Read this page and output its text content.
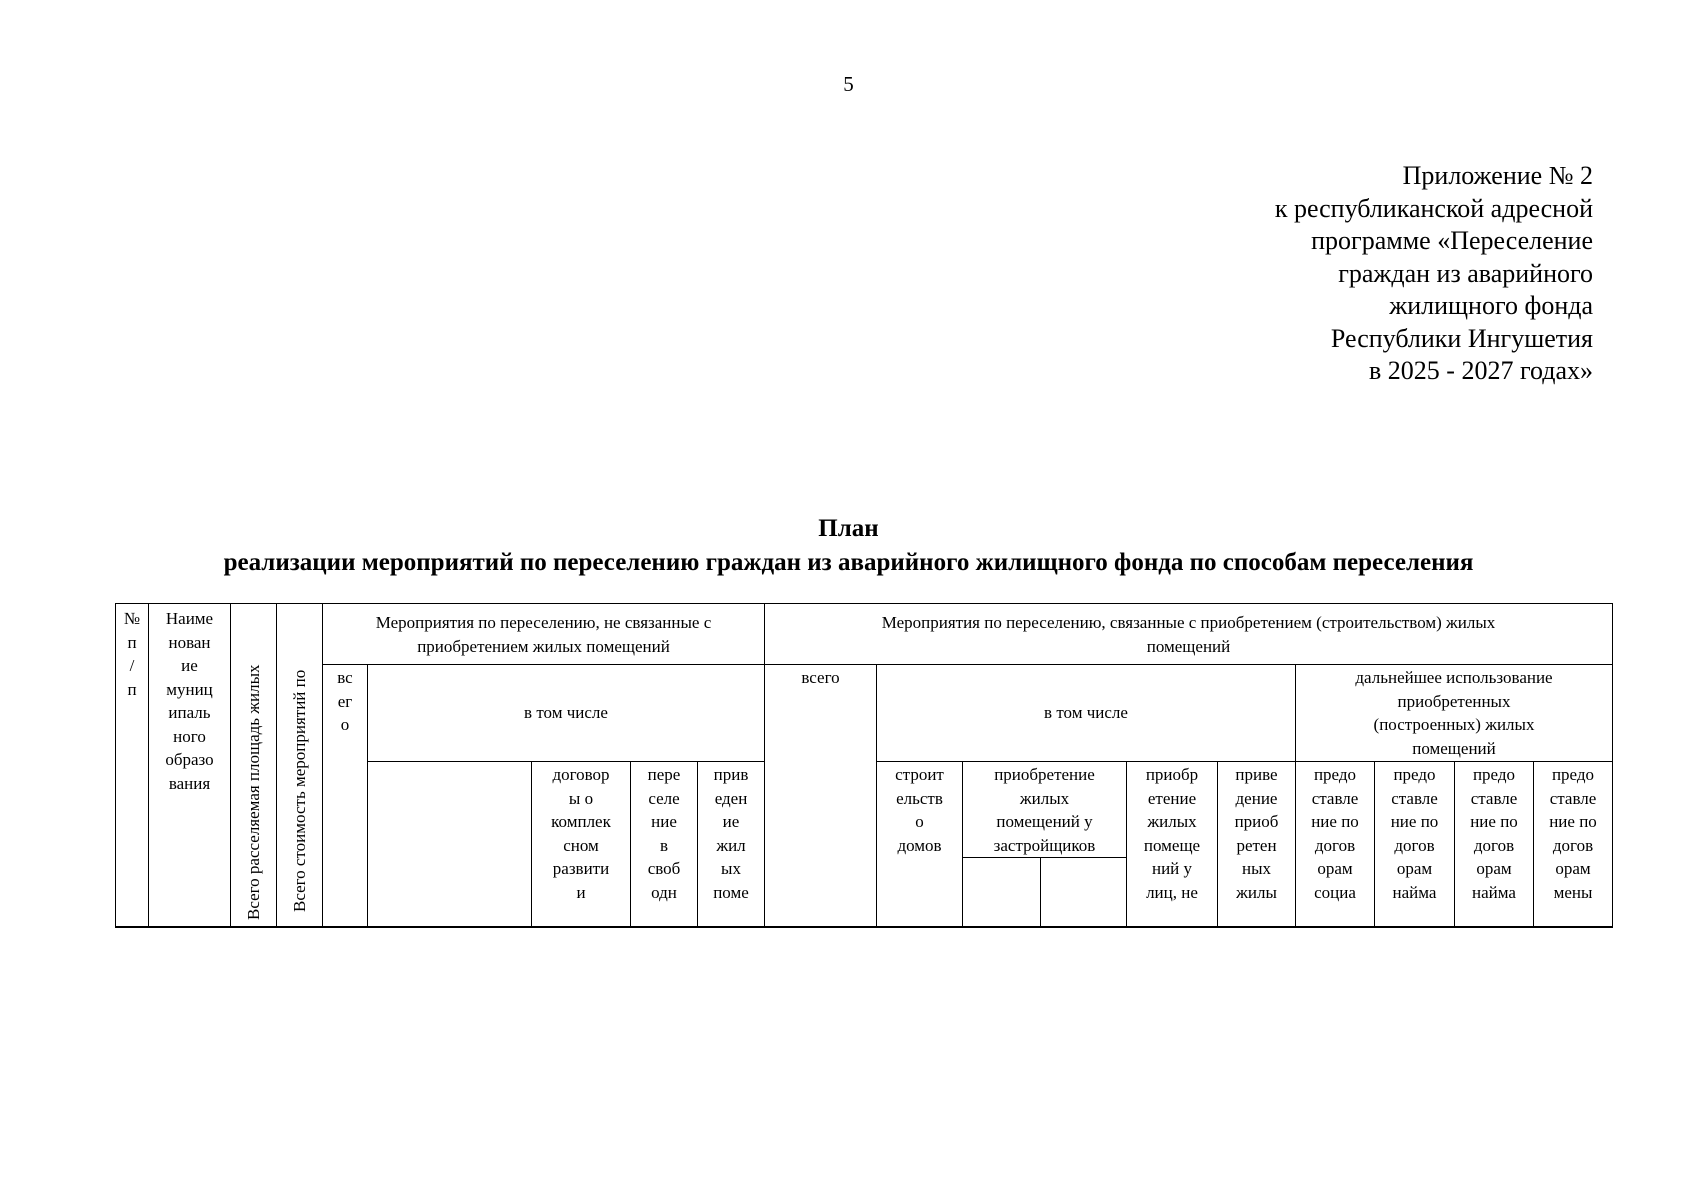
5
Приложение № 2
к республиканской адресной
программе «Переселение
граждан из аварийного
жилищного фонда
Республики Ингушетия
в 2025 - 2027 годах»
План
реализации мероприятий по переселению граждан из аварийного жилищного фонда по способам переселения
№
п
/
п
Наиме
нован
ие
муниц
ипаль
ного
образо
вания	Всего расселяемая площадь жилых Всего стоимость мероприятий по
Мероприятия по переселению, не связанные с
приобретением жилых помещений
Мероприятия по переселению, связанные с приобретением (строительством) жилых
помещений
вс
ег
о
в том числе
всего
в том числе
дальнейшее использование
приобретенных
(построенных) жилых
помещений
договор
ы о
комплек
сном
развити
и
пере
селе
ние
в
своб
одн
прив
еден
ие
жил
ых
поме
строит
ельств
о
домов
приобретение
жилых
помещений у
застройщиков
приобр
етение
жилых
помеще
ний у
лиц, не
приве
дение
приоб
ретен
ных
жилы
предо
ставле
ние по
догов
орам
социа
предо
ставле
ние по
догов
орам
найма
предо
ставле
ние по
догов
орам
найма
предо
ставле
ние по
догов
орам
мены
